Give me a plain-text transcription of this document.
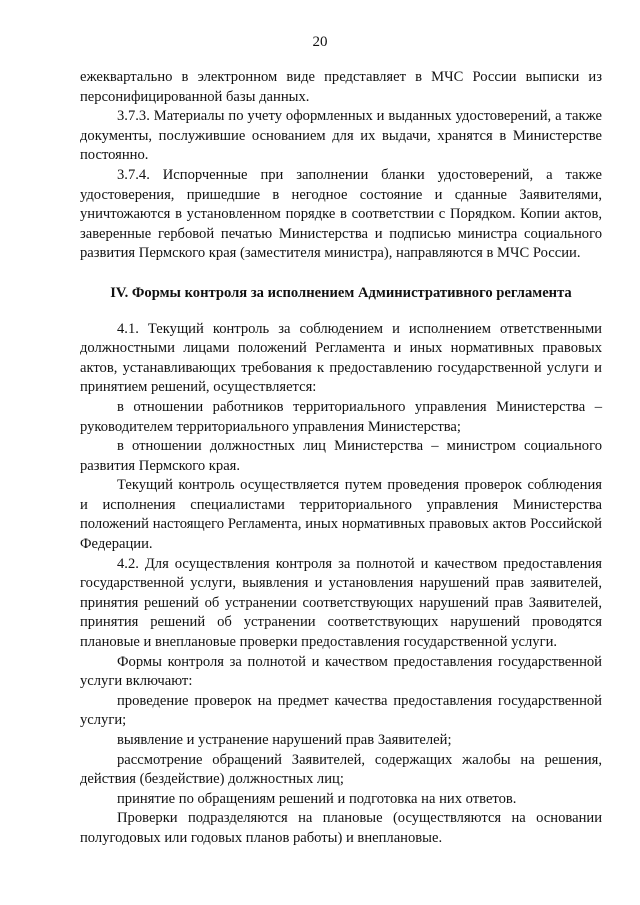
20

ежеквартально в электронном виде представляет в МЧС России выписки из персонифицированной базы данных.

3.7.3. Материалы по учету оформленных и выданных удостоверений, а также документы, послужившие основанием для их выдачи, хранятся в Министерстве постоянно.

3.7.4. Испорченные при заполнении бланки удостоверений, а также удостоверения, пришедшие в негодное состояние и сданные Заявителями, уничтожаются в установленном порядке в соответствии с Порядком. Копии актов, заверенные гербовой печатью Министерства и подписью министра социального развития Пермского края (заместителя министра), направляются в МЧС России.

IV. Формы контроля за исполнением Административного регламента

4.1. Текущий контроль за соблюдением и исполнением ответственными должностными лицами положений Регламента и иных нормативных правовых актов, устанавливающих требования к предоставлению государственной услуги и принятием решений, осуществляется:

в отношении работников территориального управления Министерства – руководителем территориального управления Министерства;

в отношении должностных лиц Министерства – министром социального развития Пермского края.

Текущий контроль осуществляется путем проведения проверок соблюдения и исполнения специалистами территориального управления Министерства положений настоящего Регламента, иных нормативных правовых актов Российской Федерации.

4.2. Для осуществления контроля за полнотой и качеством предоставления государственной услуги, выявления и установления нарушений прав заявителей, принятия решений об устранении соответствующих нарушений прав Заявителей, принятия решений об устранении соответствующих нарушений проводятся плановые и внеплановые проверки предоставления государственной услуги.

Формы контроля за полнотой и качеством предоставления государственной услуги включают:

проведение проверок на предмет качества предоставления государственной услуги;

выявление и устранение нарушений прав Заявителей;

рассмотрение обращений Заявителей, содержащих жалобы на решения, действия (бездействие) должностных лиц;

принятие по обращениям решений и подготовка на них ответов.

Проверки подразделяются на плановые (осуществляются на основании полугодовых или годовых планов работы) и внеплановые.
